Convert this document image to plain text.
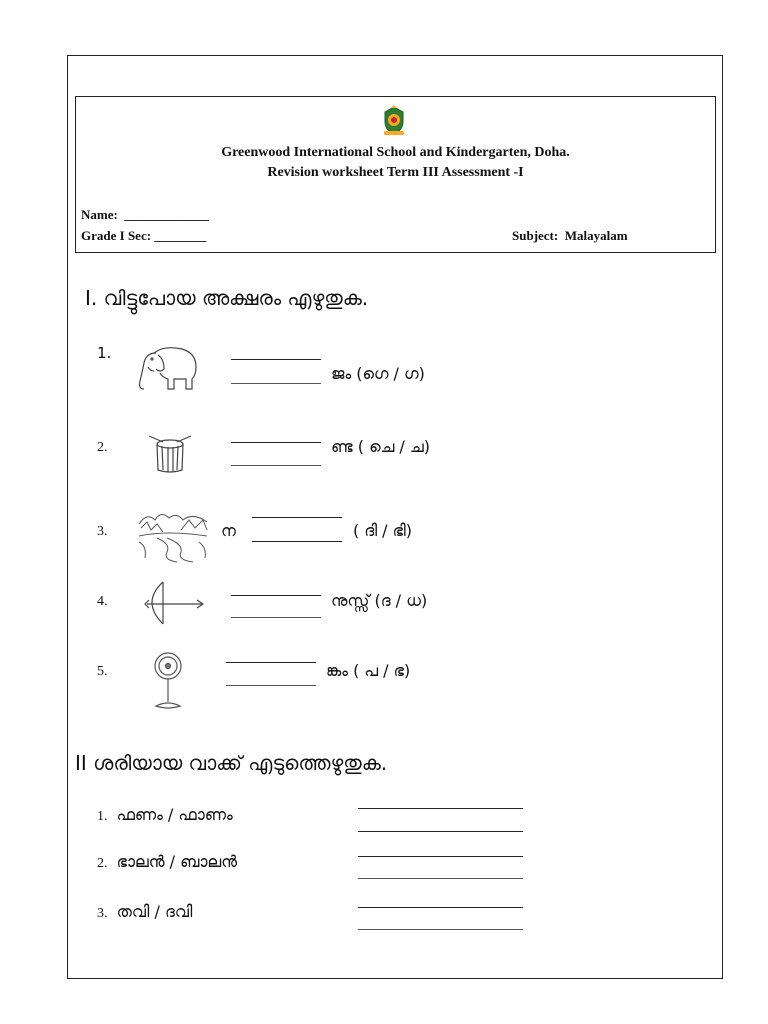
Greenwood International School and Kindergarten, Doha.
Revision worksheet Term III Assessment -I
Name:  _____________
Grade I Sec: ________	Subject:  Malayalam
I. വിട്ടുപോയ അക്ഷരം എഴുതുക.
1.
ജം (ഗെ / ഗ)
2.	ണ്ട ( ചെ / ച)
3.	ന	( ദി / ഭി)
4.	നുസ്സ് (ദ / ധ)
5.	ങ്കം ( പ / ഭ)
II ശരിയായ വാക്ക് എടുത്തെഴുതുക.
1. ഫണം / ഫാണം
2. ഭാലൻ / ബാലൻ
3. തവി / ദവി
